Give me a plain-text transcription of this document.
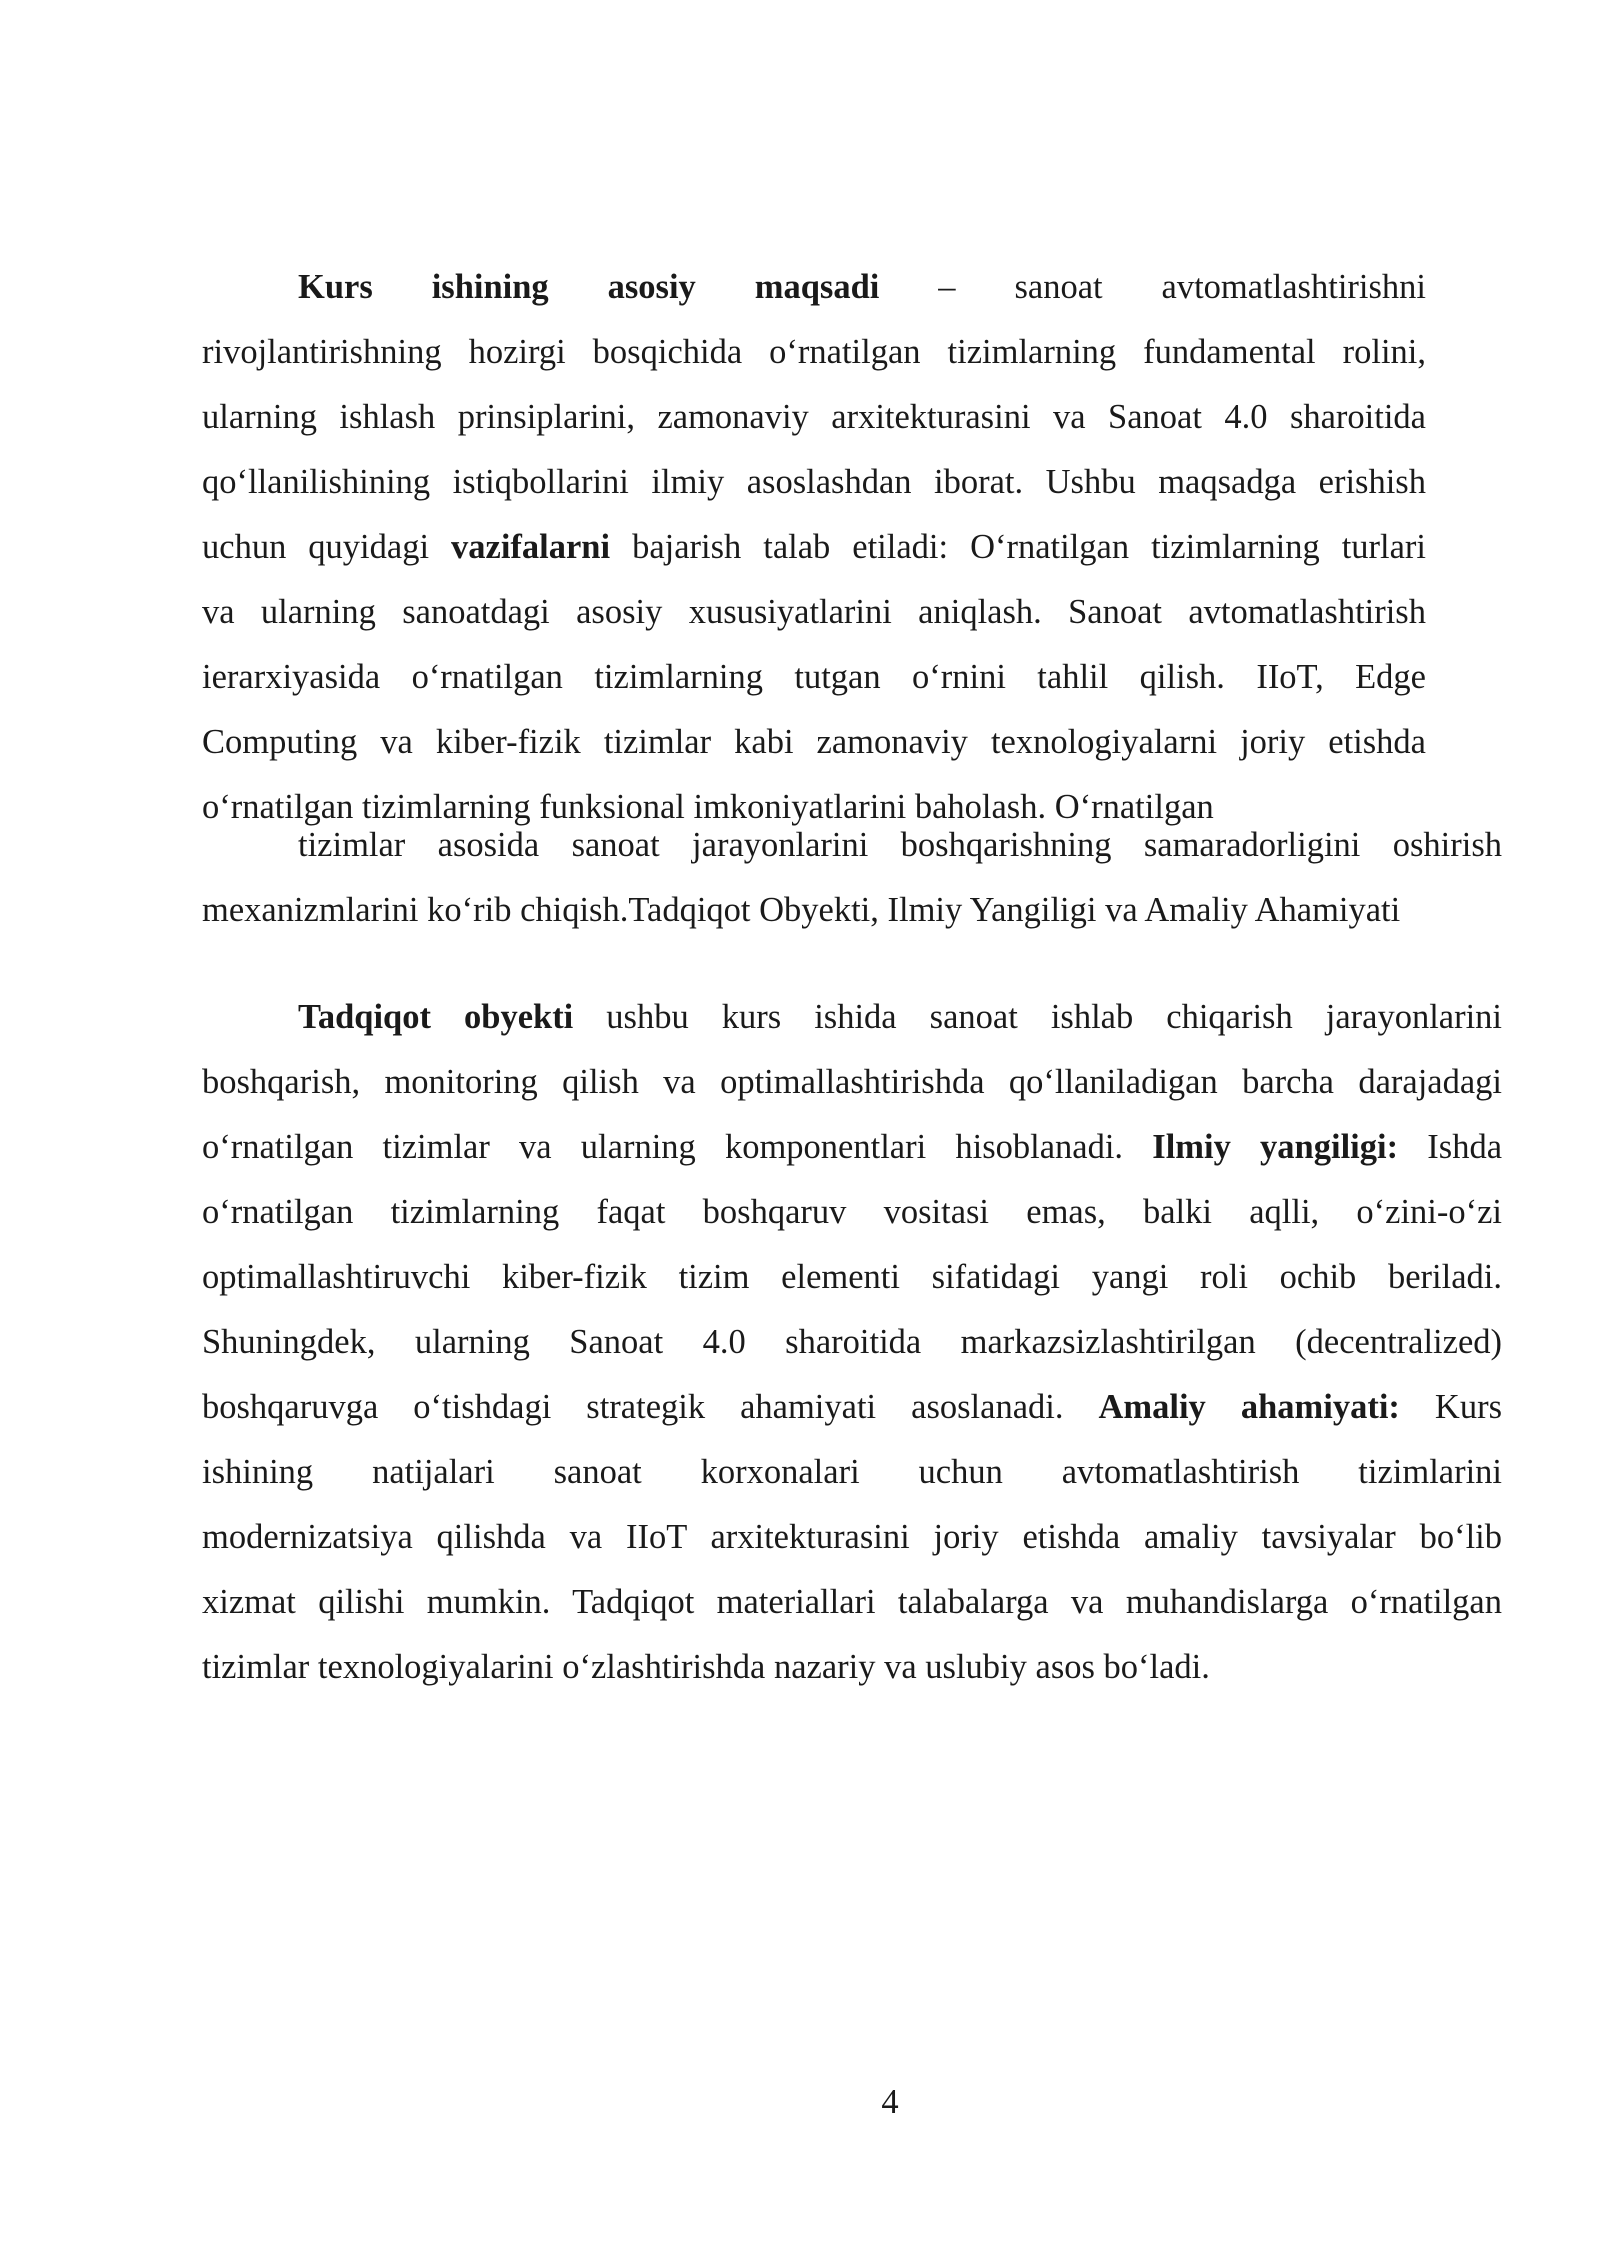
Kurs ishining asosiy maqsadi – sanoat avtomatlashtirishni
rivojlantirishning hozirgi bosqichida o‘rnatilgan tizimlarning fundamental rolini,
ularning ishlash prinsiplarini, zamonaviy arxitekturasini va Sanoat 4.0 sharoitida
qo‘llanilishining istiqbollarini ilmiy asoslashdan iborat. Ushbu maqsadga erishish
uchun quyidagi vazifalarni bajarish talab etiladi: O‘rnatilgan tizimlarning turlari
va ularning sanoatdagi asosiy xususiyatlarini aniqlash. Sanoat avtomatlashtirish
ierarxiyasida o‘rnatilgan tizimlarning tutgan o‘rnini tahlil qilish. IIoT, Edge
Computing va kiber-fizik tizimlar kabi zamonaviy texnologiyalarni joriy etishda
o‘rnatilgan tizimlarning funksional imkoniyatlarini baholash. O‘rnatilgan
tizimlar asosida sanoat jarayonlarini boshqarishning samaradorligini oshirish
mexanizmlarini ko‘rib chiqish.Tadqiqot Obyekti, Ilmiy Yangiligi va Amaliy Ahamiyati
Tadqiqot obyekti ushbu kurs ishida sanoat ishlab chiqarish jarayonlarini
boshqarish, monitoring qilish va optimallashtirishda qo‘llaniladigan barcha darajadagi
o‘rnatilgan tizimlar va ularning komponentlari hisoblanadi. Ilmiy yangiligi: Ishda
o‘rnatilgan tizimlarning faqat boshqaruv vositasi emas, balki aqlli, o‘zini-o‘zi
optimallashtiruvchi kiber-fizik tizim elementi sifatidagi yangi roli ochib beriladi.
Shuningdek, ularning Sanoat 4.0 sharoitida markazsizlashtirilgan (decentralized)
boshqaruvga o‘tishdagi strategik ahamiyati asoslanadi. Amaliy ahamiyati: Kurs
ishining natijalari sanoat korxonalari uchun avtomatlashtirish tizimlarini
modernizatsiya qilishda va IIoT arxitekturasini joriy etishda amaliy tavsiyalar bo‘lib
xizmat qilishi mumkin. Tadqiqot materiallari talabalarga va muhandislarga o‘rnatilgan
tizimlar texnologiyalarini o‘zlashtirishda nazariy va uslubiy asos bo‘ladi.
4
